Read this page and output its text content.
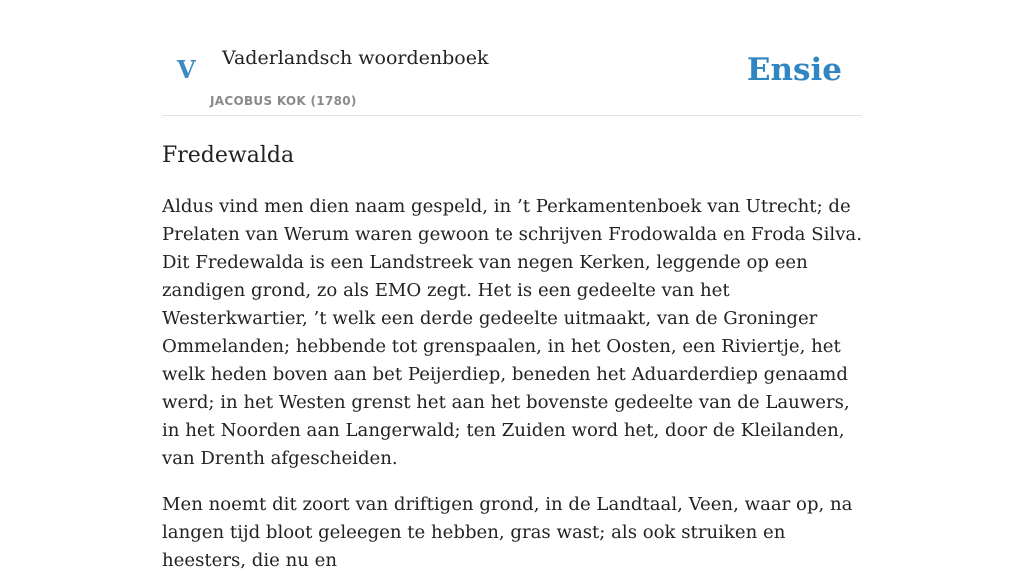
V Vaderlandsch woordenboek
JACOBUS KOK (1780)
Ensie
Fredewalda

Aldus vind men dien naam gespeld, in ’t Perkamentenboek van Utrecht; de Prelaten van Werum waren gewoon te schrijven Frodowalda en Froda Silva. Dit Fredewalda is een Landstreek van negen Kerken, leggende op een zandigen grond, zo als EMO zegt. Het is een gedeelte van het Westerkwartier, ’t welk een derde gedeelte uitmaakt, van de Groninger Ommelanden; hebbende tot grenspaalen, in het Oosten, een Riviertje, het welk heden boven aan bet Peijerdiep, beneden het Aduarderdiep genaamd werd; in het Westen grenst het aan het bovenste gedeelte van de Lauwers, in het Noorden aan Langerwald; ten Zuiden word het, door de Kleilanden, van Drenth afgescheiden.

Men noemt dit zoort van driftigen grond, in de Landtaal, Veen, waar op, na langen tijd bloot geleegen te hebben, gras wast; als ook struiken en heesters, die nu en
